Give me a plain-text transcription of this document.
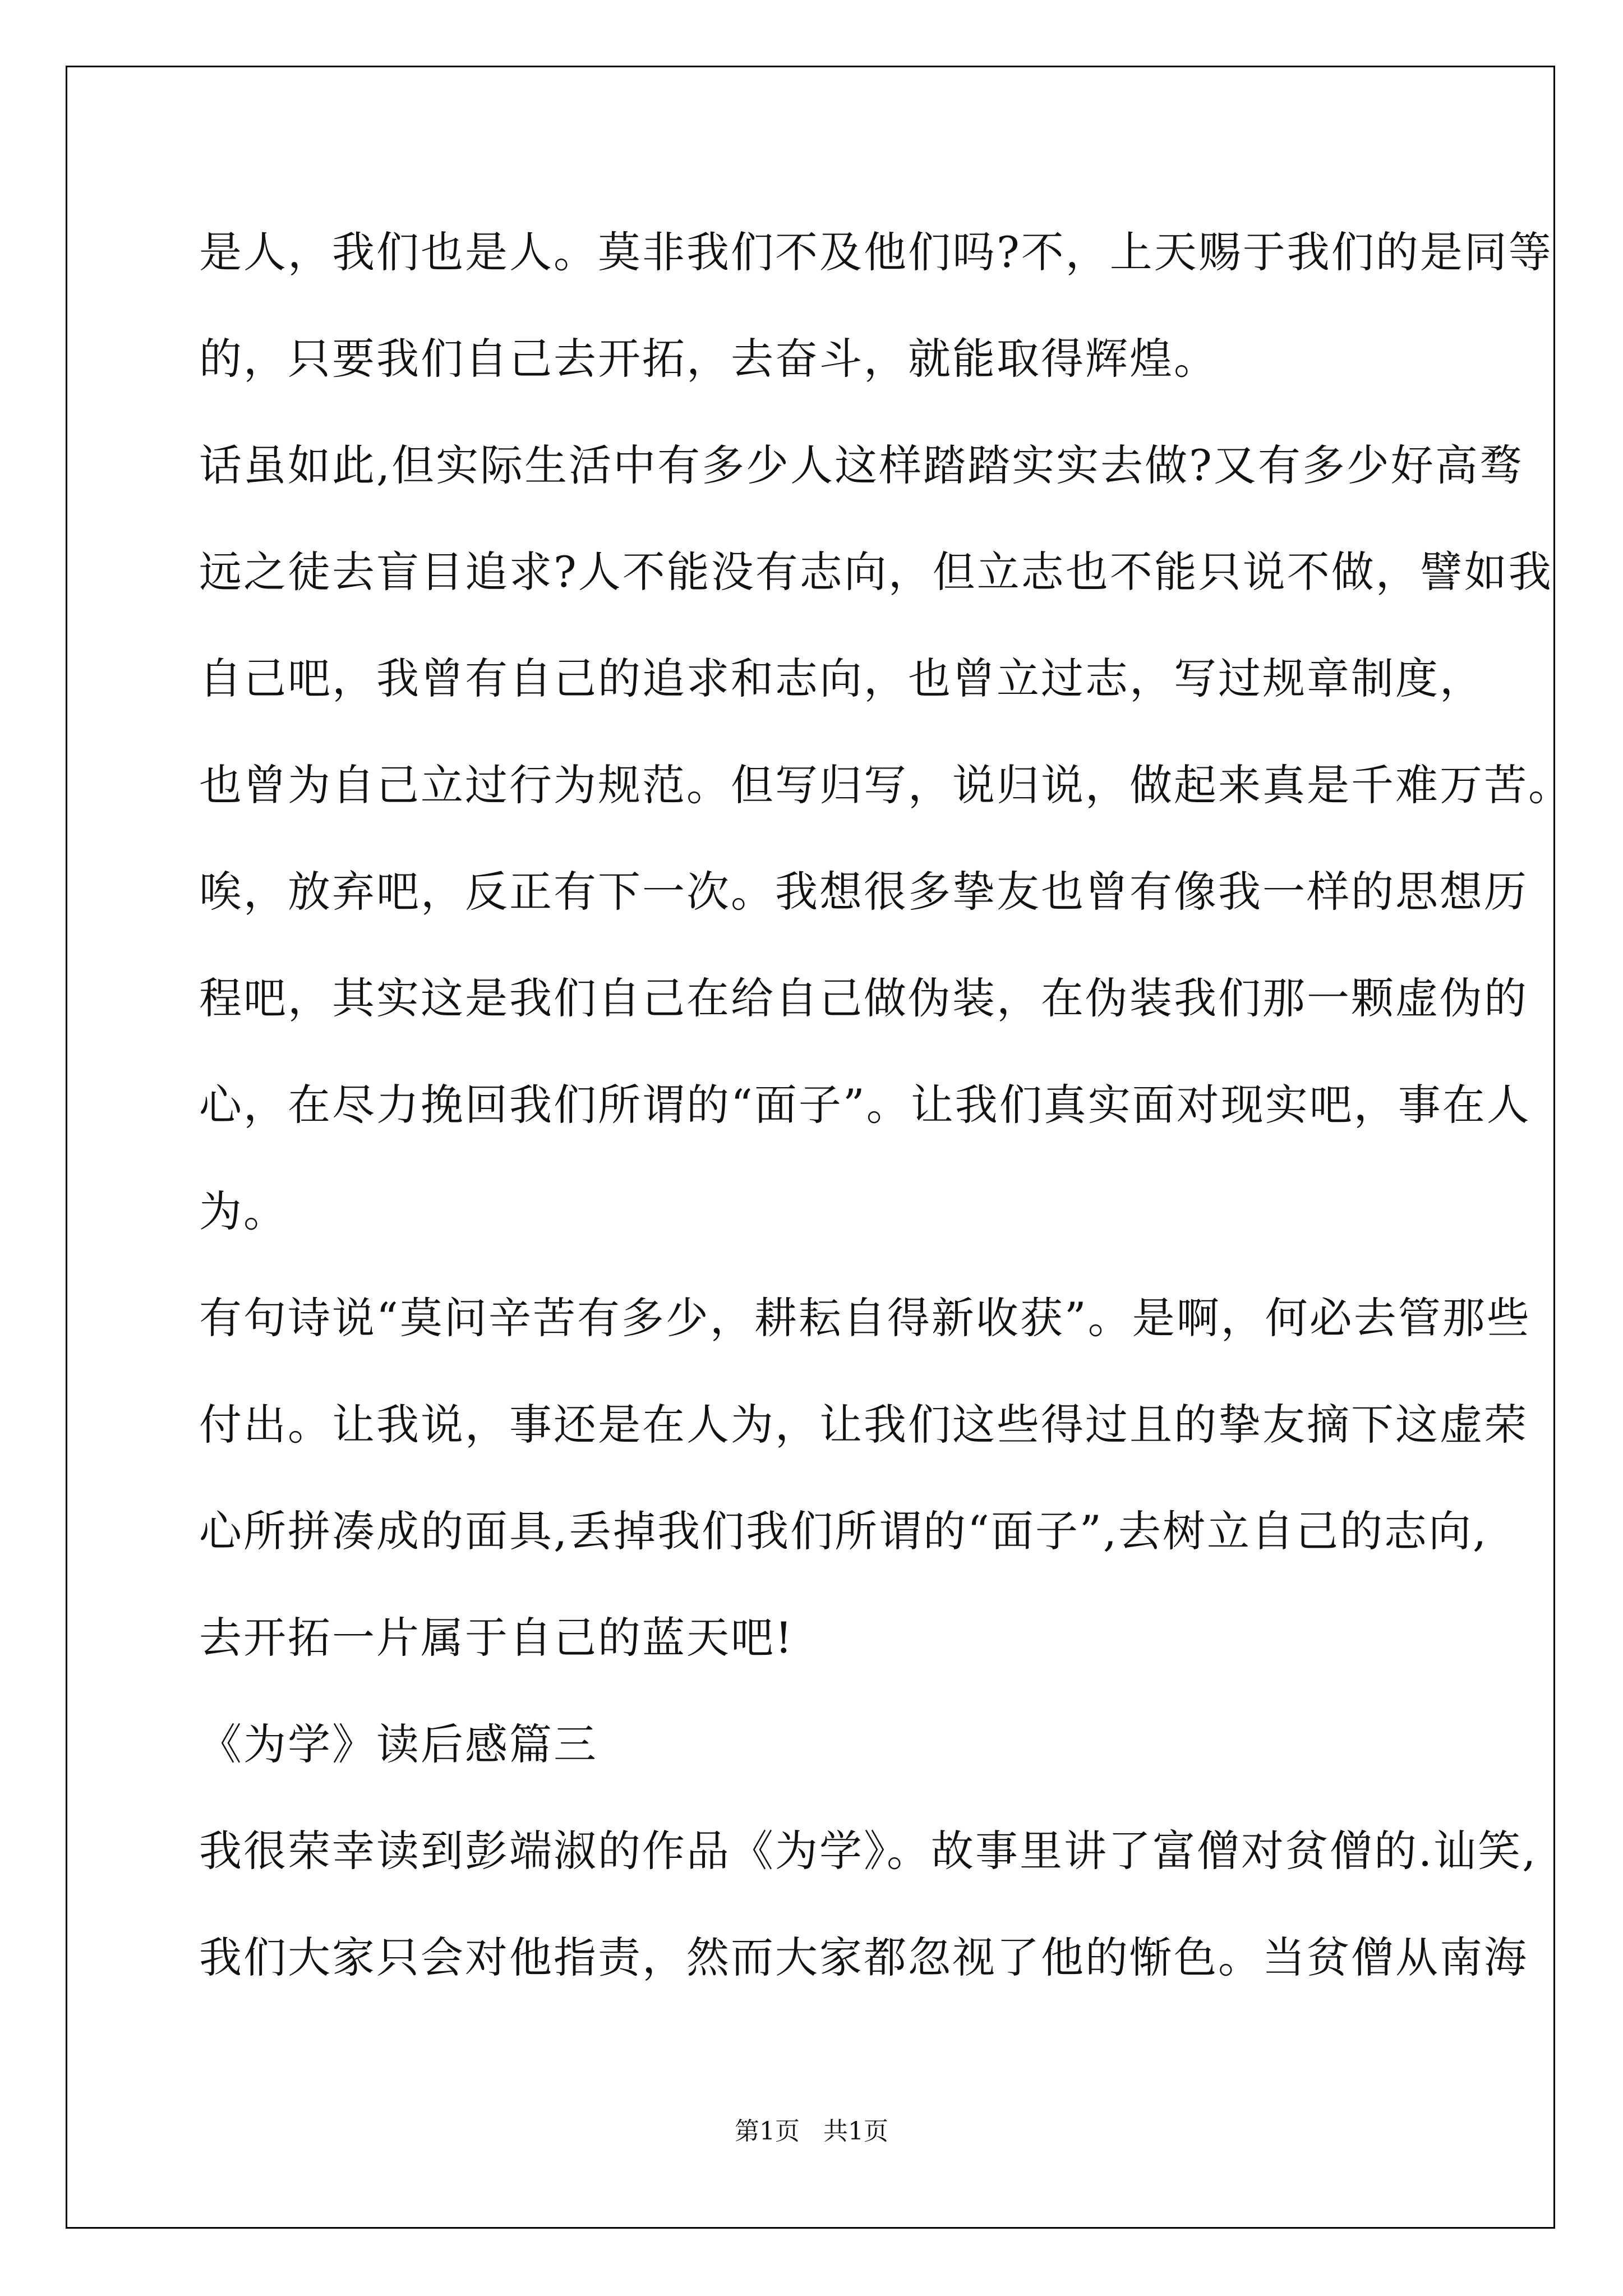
是人，我们也是人。莫非我们不及他们吗?不，上天赐于我们的是同等
的，只要我们自己去开拓，去奋斗，就能取得辉煌。
话虽如此,但实际生活中有多少人这样踏踏实实去做?又有多少好高骛
远之徒去盲目追求?人不能没有志向，但立志也不能只说不做，譬如我
自己吧，我曾有自己的追求和志向，也曾立过志，写过规章制度，
也曾为自己立过行为规范。但写归写，说归说，做起来真是千难万苦。
唉，放弃吧，反正有下一次。我想很多挚友也曾有像我一样的思想历
程吧，其实这是我们自己在给自己做伪装，在伪装我们那一颗虚伪的
心，在尽力挽回我们所谓的“面子”。让我们真实面对现实吧，事在人
为。
有句诗说“莫问辛苦有多少，耕耘自得新收获”。是啊，何必去管那些
付出。让我说，事还是在人为，让我们这些得过且的挚友摘下这虚荣
心所拼凑成的面具,丢掉我们我们所谓的“面子”,去树立自己的志向,
去开拓一片属于自己的蓝天吧!
《为学》读后感篇三
我很荣幸读到彭端淑的作品《为学》。故事里讲了富僧对贫僧的.讪笑,
我们大家只会对他指责，然而大家都忽视了他的惭色。当贫僧从南海
第1页   共1页
